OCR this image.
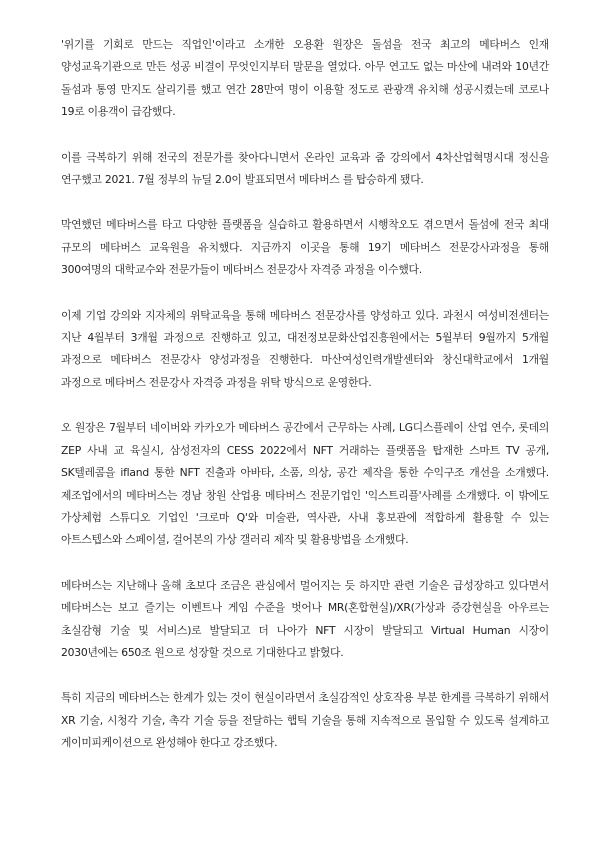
'위기를 기회로 만드는 직업인'이라고 소개한 오용환 원장은 돌섬을 전국 최고의 메타버스 인재 양성교육기관으로 만든 성공 비결이 무엇인지부터 말문을 열었다. 아무 연고도 없는 마산에 내려와 10년간 돌섬과 통영 만지도 살리기를 했고 연간 28만여 명이 이용할 정도로 관광객 유치해 성공시켰는데 코로나 19로 이용객이 급감했다.

이를 극복하기 위해 전국의 전문가를 찾아다니면서 온라인 교육과 줌 강의에서 4차산업혁명시대 정신을 연구했고 2021. 7월 정부의 뉴딜 2.0이 발표되면서 메타버스 를 탑승하게 됐다.

막연했던 메타버스를 타고 다양한 플랫폼을 실습하고 활용하면서 시행착오도 겪으면서 돌섬에 전국 최대 규모의 메타버스 교육원을 유치했다. 지금까지 이곳을 통해 19기 메타버스 전문강사과정을 통해 300여명의 대학교수와 전문가들이 메타버스 전문강사 자격증 과정을 이수했다.

이제 기업 강의와 지자체의 위탁교육을 통해 메타버스 전문강사를 양성하고 있다. 과천시 여성비전센터는 지난 4월부터 3개월 과정으로 진행하고 있고, 대전정보문화산업진흥원에서는 5월부터 9월까지 5개월 과정으로 메타버스 전문강사 양성과정을 진행한다. 마산여성인력개발센터와 창신대학교에서 1개월 과정으로 메타버스 전문강사 자격증 과정을 위탁 방식으로 운영한다.

오 원장은 7월부터 네이버와 카카오가 메타버스 공간에서 근무하는 사례, LG디스플레이 산업 연수, 롯데의 ZEP 사내 교 육실시, 삼성전자의 CESS 2022에서 NFT 거래하는 플랫폼을 탑재한 스마트 TV 공개, SK텔레콤을 ifland 통한 NFT 진출과 아바타, 소품, 의상, 공간 제작을 통한 수익구조 개선을 소개했다. 제조업에서의 메타버스는 경남 창원 산업용 메타버스 전문기업인 '익스트리플'사례를 소개했다. 이 밖에도 가상체험 스튜디오 기업인 '크로마 Q'와 미술관, 역사관, 사내 홍보관에 적합하게 활용할 수 있는 아트스텝스와 스페이셜, 걸어본의 가상 갤러리 제작 및 활용방법을 소개했다.

메타버스는 지난해나 올해 초보다 조금은 관심에서 멀어지는 듯 하지만 관련 기술은 급성장하고 있다면서 메타버스는 보고 즐기는 이벤트나 게임 수준을 벗어나 MR(혼합현실)/XR(가상과 증강현실을 아우르는 초실감형 기술 및 서비스)로 발달되고 더 나아가 NFT 시장이 발달되고 Virtual Human 시장이 2030년에는 650조 원으로 성장할 것으로 기대한다고 밝혔다.

특히 지금의 메타버스는 한계가 있는 것이 현실이라면서 초실감적인 상호작용 부분 한계를 극복하기 위해서 XR 기술, 시청각 기술, 촉각 기술 등을 전달하는 햅틱 기술을 통해 지속적으로 몰입할 수 있도록 설계하고 게이미피케이션으로 완성해야 한다고 강조했다.
